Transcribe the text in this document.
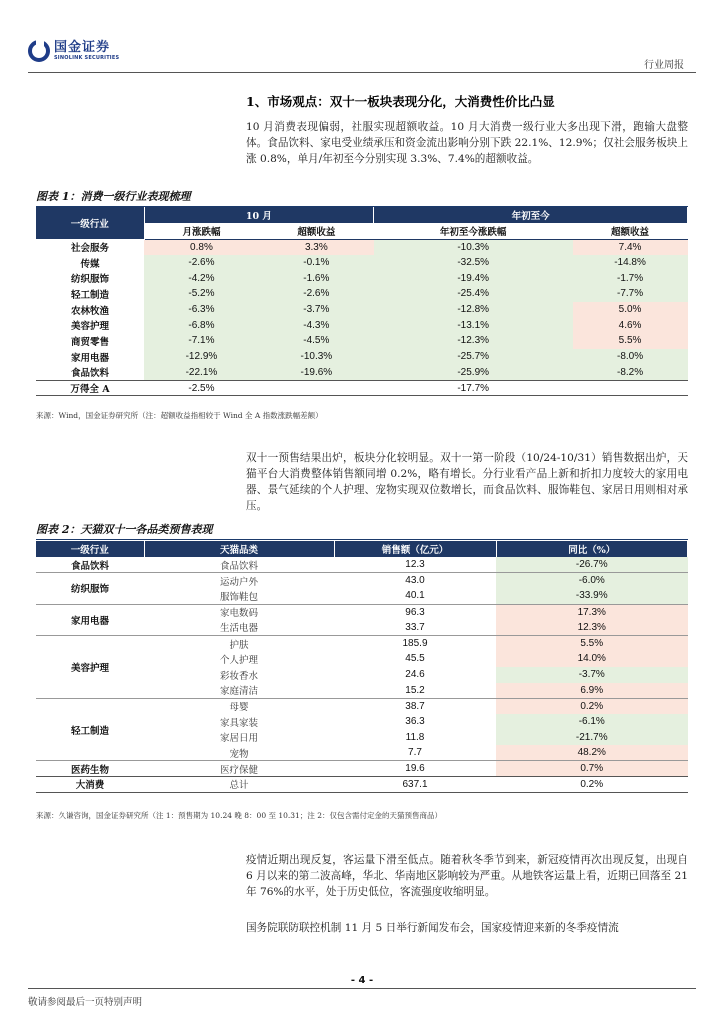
国金证券
SINOLINK SECURITIES
行业周报
1、市场观点：双十一板块表现分化，大消费性价比凸显
10 月消费表现偏弱，社服实现超额收益。10 月大消费一级行业大多出现下滑，跑输大盘整体。食品饮料、家电受业绩承压和资金流出影响分别下跌 22.1%、12.9%；仅社会服务板块上涨 0.8%，单月/年初至今分别实现 3.3%、7.4%的超额收益。
图表 1：消费一级行业表现梳理
一级行业	10 月		年初至今	
	月涨跌幅	超额收益	年初至今涨跌幅	超额收益
社会服务	0.8%	3.3%	-10.3%	7.4%
传媒	-2.6%	-0.1%	-32.5%	-14.8%
纺织服饰	-4.2%	-1.6%	-19.4%	-1.7%
轻工制造	-5.2%	-2.6%	-25.4%	-7.7%
农林牧渔	-6.3%	-3.7%	-12.8%	5.0%
美容护理	-6.8%	-4.3%	-13.1%	4.6%
商贸零售	-7.1%	-4.5%	-12.3%	5.5%
家用电器	-12.9%	-10.3%	-25.7%	-8.0%
食品饮料	-22.1%	-19.6%	-25.9%	-8.2%
万得全 A	-2.5%		-17.7%	
来源：Wind，国金证券研究所（注：超额收益指相较于 Wind 全 A 指数涨跌幅差额）
双十一预售结果出炉，板块分化较明显。双十一第一阶段（10/24-10/31）销售数据出炉，天猫平台大消费整体销售额同增 0.2%，略有增长。分行业看产品上新和折扣力度较大的家用电器、景气延续的个人护理、宠物实现双位数增长，而食品饮料、服饰鞋包、家居日用则相对承压。
图表 2：天猫双十一各品类预售表现
一级行业	天猫品类	销售额（亿元）	同比（%）
食品饮料	食品饮料	12.3	-26.7%
纺织服饰	运动户外	43.0	-6.0%
	服饰鞋包	40.1	-33.9%
家用电器	家电数码	96.3	17.3%
	生活电器	33.7	12.3%
美容护理	护肤	185.9	5.5%
	个人护理	45.5	14.0%
	彩妆香水	24.6	-3.7%
	家庭清洁	15.2	6.9%
轻工制造	母婴	38.7	0.2%
	家具家装	36.3	-6.1%
	家居日用	11.8	-21.7%
	宠物	7.7	48.2%
医药生物	医疗保健	19.6	0.7%
大消费	总计	637.1	0.2%
来源：久谦咨询，国金证券研究所（注 1：预售期为 10.24 晚 8：00 至 10.31；注 2：仅包含需付定金的天猫预售商品）
疫情近期出现反复，客运量下滑至低点。随着秋冬季节到来，新冠疫情再次出现反复，出现自 6 月以来的第二波高峰，华北、华南地区影响较为严重。从地铁客运量上看，近期已回落至 21 年 76%的水平，处于历史低位，客流强度收缩明显。
国务院联防联控机制 11 月 5 日举行新闻发布会，国家疫情迎来新的冬季疫情流
- 4 -
敬请参阅最后一页特别声明
